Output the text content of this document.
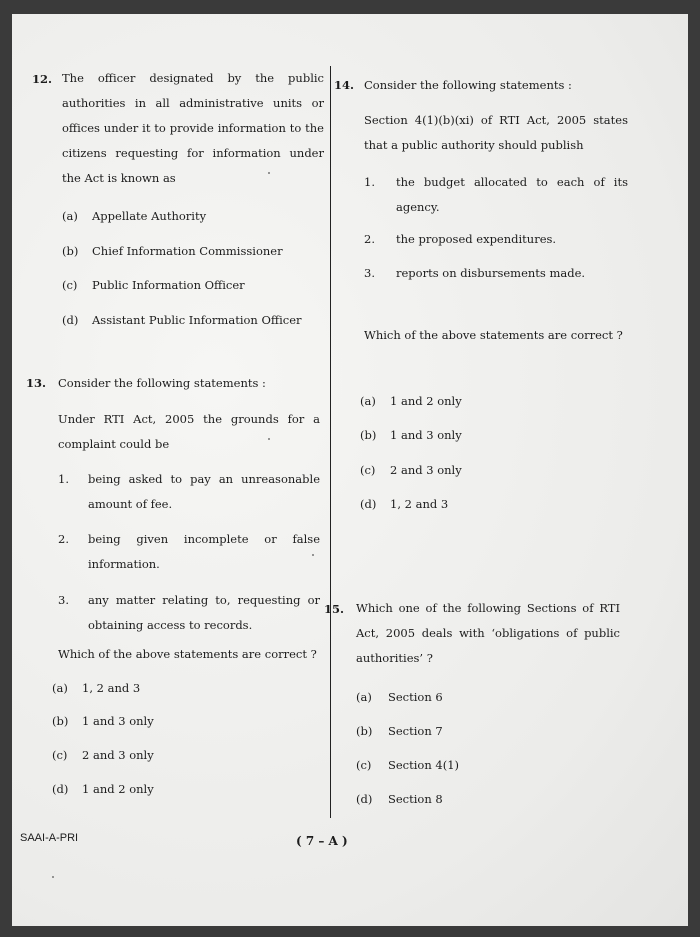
12. The officer designated by the public authorities in all administrative units or offices under it to provide information to the citizens requesting for information under the Act is known as
(a) Appellate Authority
(b) Chief Information Commissioner
(c) Public Information Officer
(d) Assistant Public Information Officer
13. Consider the following statements :
Under RTI Act, 2005 the grounds for a complaint could be
1.	being asked to pay an unreasonable amount of fee.
2.	being given incomplete or false information.
3.	any matter relating to, requesting or obtaining access to records.
Which of the above statements are correct ?
(a) 1, 2 and 3
(b) 1 and 3 only
(c) 2 and 3 only
(d) 1 and 2 only
14. Consider the following statements :
Section 4(1)(b)(xi) of RTI Act, 2005 states that a public authority should publish
1.	the budget allocated to each of its agency.
2.	the proposed expenditures.
3.	reports on disbursements made.
Which of the above statements are correct ?
(a) 1 and 2 only
(b) 1 and 3 only
(c) 2 and 3 only
(d) 1, 2 and 3
15. Which one of the following Sections of RTI Act, 2005 deals with ‘obligations of public authorities’ ?
(a) Section 6
(b) Section 7
(c) Section 4(1)
(d) Section 8
SAAI-A-PRI	( 7 – A )
